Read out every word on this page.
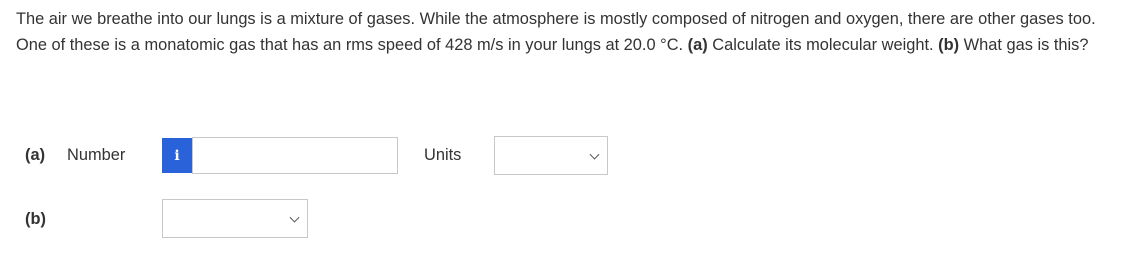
The air we breathe into our lungs is a mixture of gases. While the atmosphere is mostly composed of nitrogen and oxygen, there are other gases too. One of these is a monatomic gas that has an rms speed of 428 m/s in your lungs at 20.0 °C. (a) Calculate its molecular weight. (b) What gas is this?
(a) Number	i	Units
(b)
